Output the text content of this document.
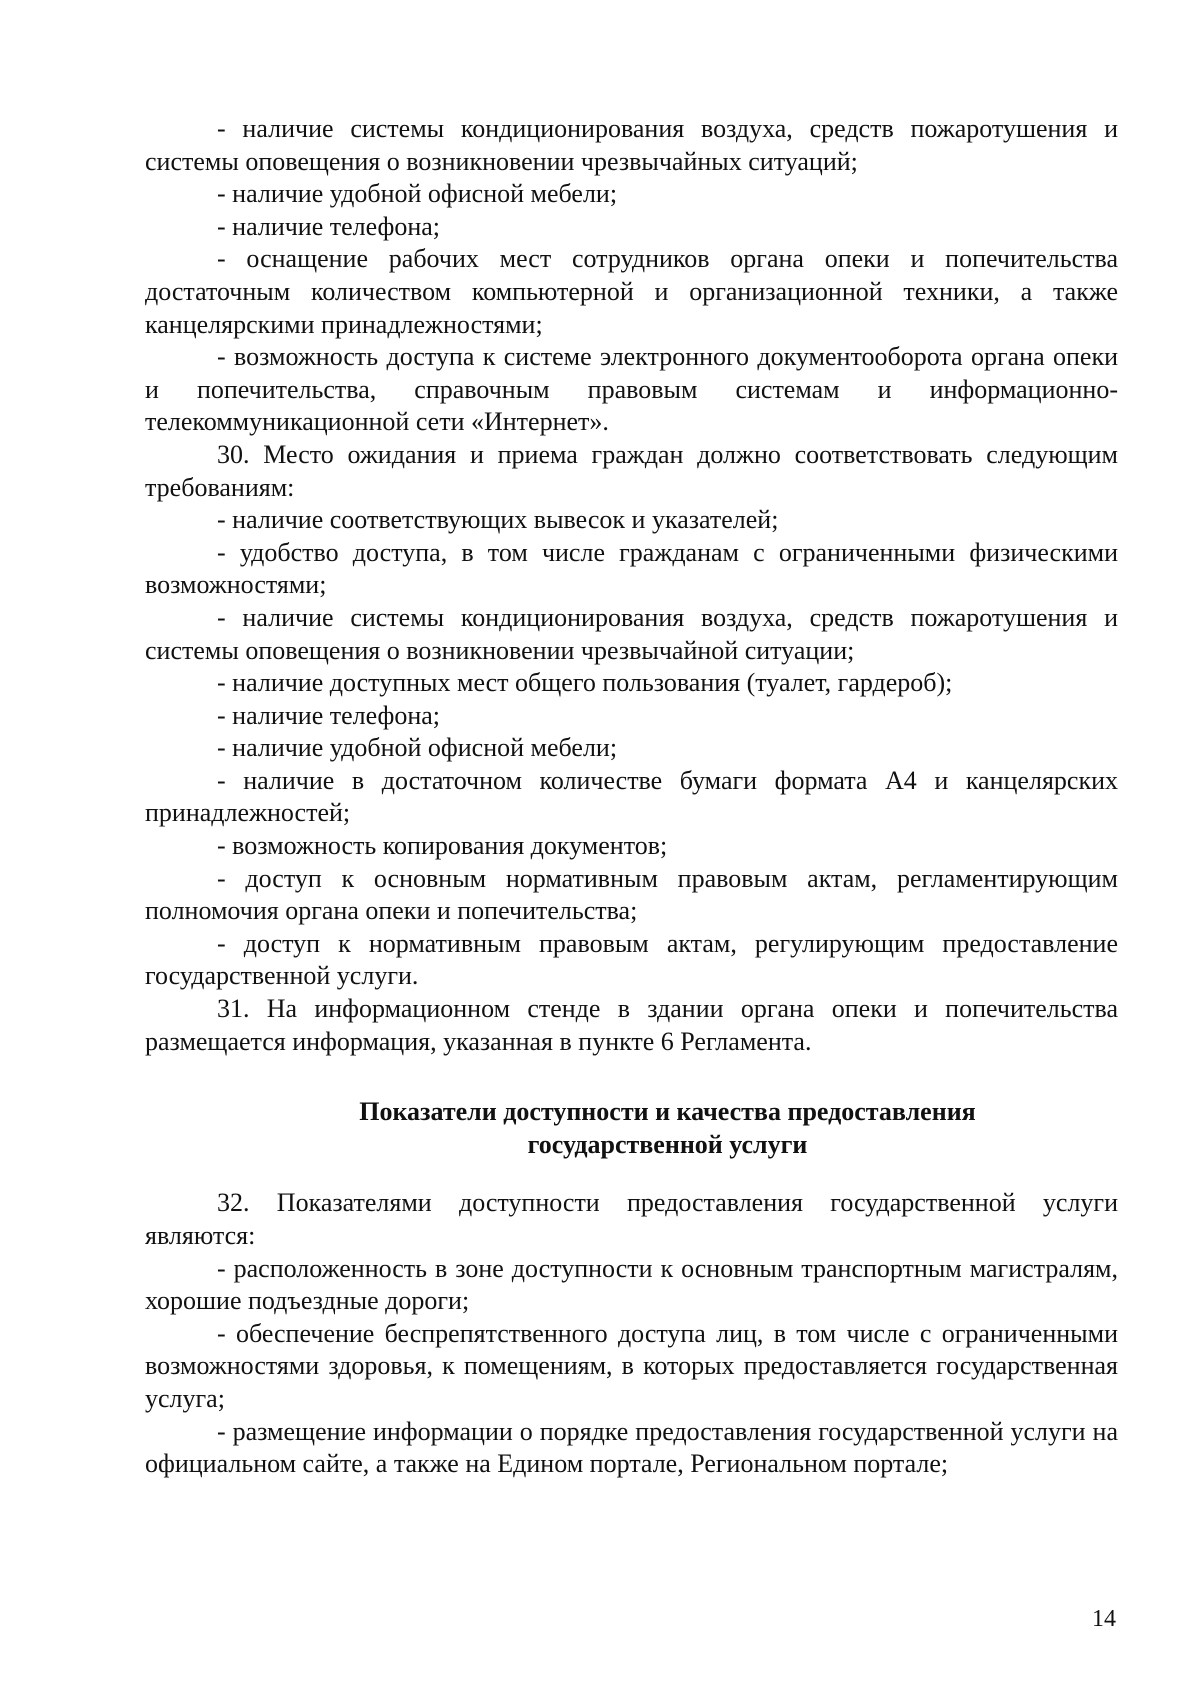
- наличие системы кондиционирования воздуха, средств пожаротушения и системы оповещения о возникновении чрезвычайных ситуаций;

- наличие удобной офисной мебели;

- наличие телефона;

- оснащение рабочих мест сотрудников органа опеки и попечительства достаточным количеством компьютерной и организационной техники, а также канцелярскими принадлежностями;

- возможность доступа к системе электронного документооборота органа опеки и попечительства, справочным правовым системам и информационно-телекоммуникационной сети «Интернет».

30. Место ожидания и приема граждан должно соответствовать следующим требованиям:

- наличие соответствующих вывесок и указателей;

- удобство доступа, в том числе гражданам с ограниченными физическими возможностями;

- наличие системы кондиционирования воздуха, средств пожаротушения и системы оповещения о возникновении чрезвычайной ситуации;

- наличие доступных мест общего пользования (туалет, гардероб);

- наличие телефона;

- наличие удобной офисной мебели;

- наличие в достаточном количестве бумаги формата А4 и канцелярских принадлежностей;

- возможность копирования документов;

- доступ к основным нормативным правовым актам, регламентирующим полномочия органа опеки и попечительства;

- доступ к нормативным правовым актам, регулирующим предоставление государственной услуги.

31. На информационном стенде в здании органа опеки и попечительства размещается информация, указанная в пункте 6 Регламента.

Показатели доступности и качества предоставления

государственной услуги

32. Показателями доступности предоставления государственной услуги являются:

- расположенность в зоне доступности к основным транспортным магистралям, хорошие подъездные дороги;

- обеспечение беспрепятственного доступа лиц, в том числе с ограниченными возможностями здоровья, к помещениям, в которых предоставляется государственная услуга;

- размещение информации о порядке предоставления государственной услуги на официальном сайте, а также на Едином портале, Региональном портале;

14
